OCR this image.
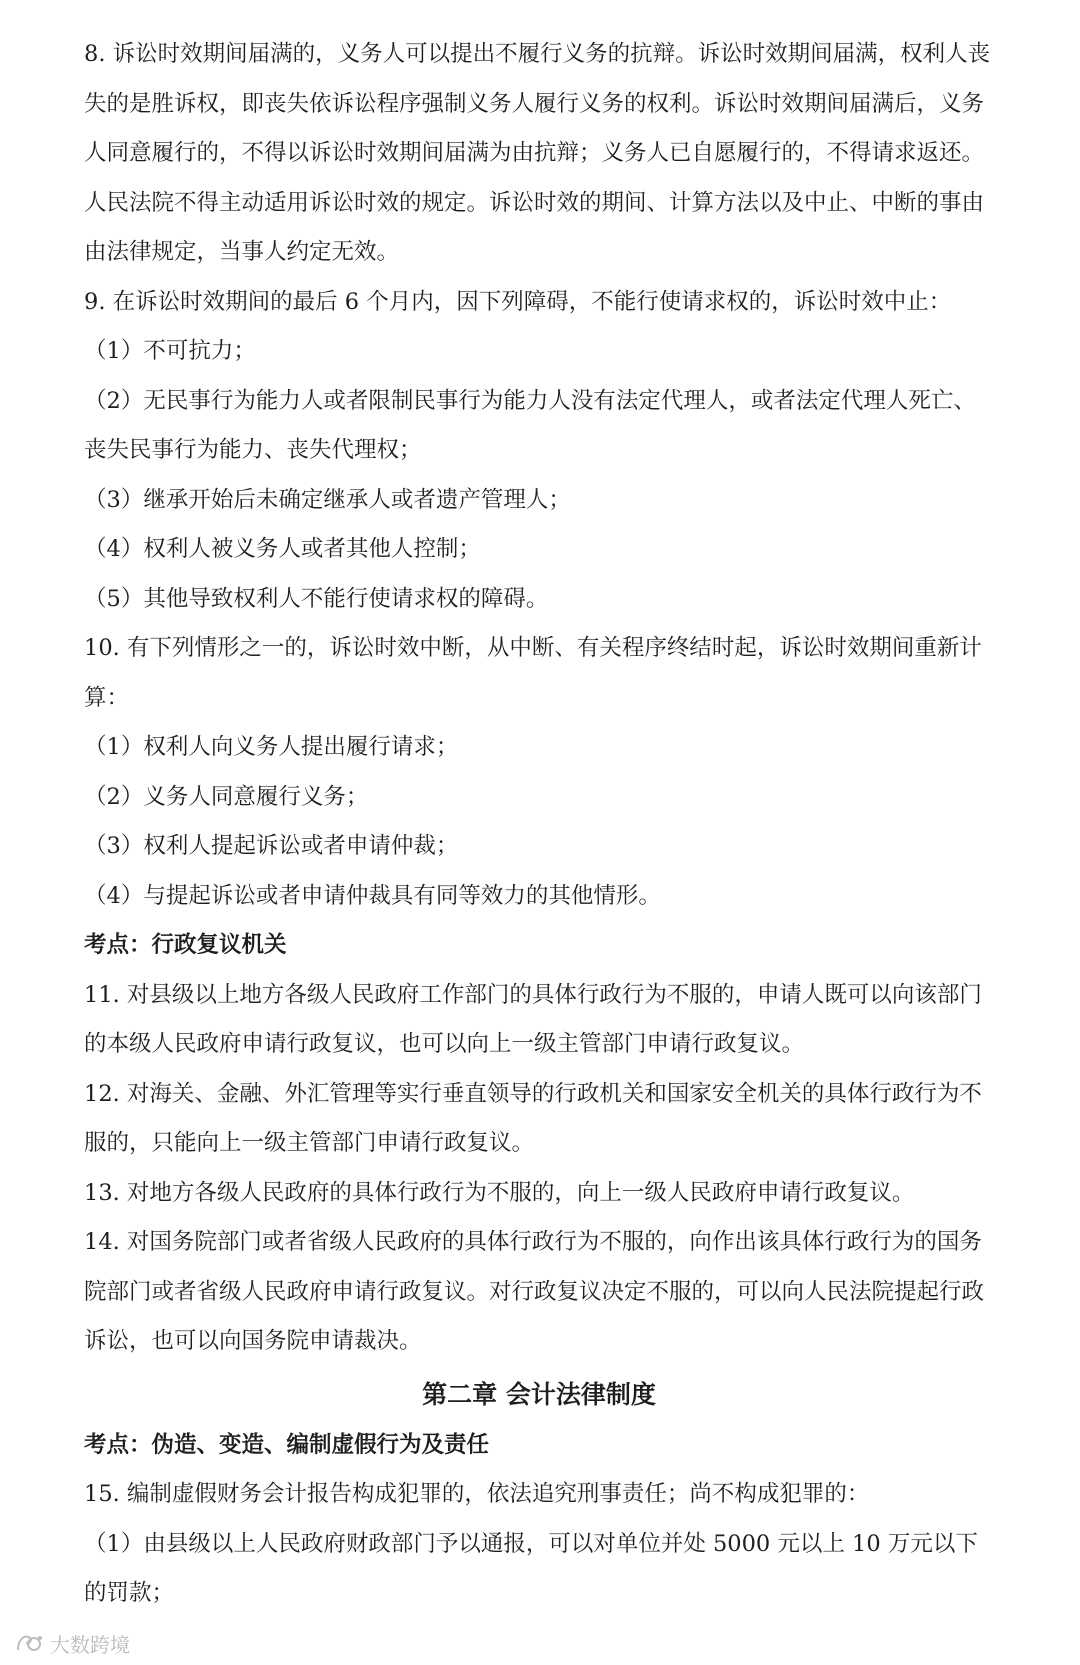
8. 诉讼时效期间届满的，义务人可以提出不履行义务的抗辩。诉讼时效期间届满，权利人丧失的是胜诉权，即丧失依诉讼程序强制义务人履行义务的权利。诉讼时效期间届满后，义务人同意履行的，不得以诉讼时效期间届满为由抗辩；义务人已自愿履行的，不得请求返还。人民法院不得主动适用诉讼时效的规定。诉讼时效的期间、计算方法以及中止、中断的事由由法律规定，当事人约定无效。

9. 在诉讼时效期间的最后 6 个月内，因下列障碍，不能行使请求权的，诉讼时效中止：

（1）不可抗力；

（2）无民事行为能力人或者限制民事行为能力人没有法定代理人，或者法定代理人死亡、丧失民事行为能力、丧失代理权；

（3）继承开始后未确定继承人或者遗产管理人；

（4）权利人被义务人或者其他人控制；

（5）其他导致权利人不能行使请求权的障碍。

10. 有下列情形之一的，诉讼时效中断，从中断、有关程序终结时起，诉讼时效期间重新计算：

（1）权利人向义务人提出履行请求；

（2）义务人同意履行义务；

（3）权利人提起诉讼或者申请仲裁；

（4）与提起诉讼或者申请仲裁具有同等效力的其他情形。

考点：行政复议机关

11. 对县级以上地方各级人民政府工作部门的具体行政行为不服的，申请人既可以向该部门的本级人民政府申请行政复议，也可以向上一级主管部门申请行政复议。

12. 对海关、金融、外汇管理等实行垂直领导的行政机关和国家安全机关的具体行政行为不服的，只能向上一级主管部门申请行政复议。

13. 对地方各级人民政府的具体行政行为不服的，向上一级人民政府申请行政复议。

14. 对国务院部门或者省级人民政府的具体行政行为不服的，向作出该具体行政行为的国务院部门或者省级人民政府申请行政复议。对行政复议决定不服的，可以向人民法院提起行政诉讼，也可以向国务院申请裁决。

第二章 会计法律制度

考点：伪造、变造、编制虚假行为及责任

15. 编制虚假财务会计报告构成犯罪的，依法追究刑事责任；尚不构成犯罪的：

（1）由县级以上人民政府财政部门予以通报，可以对单位并处 5000 元以上 10 万元以下的罚款；

大数跨境
